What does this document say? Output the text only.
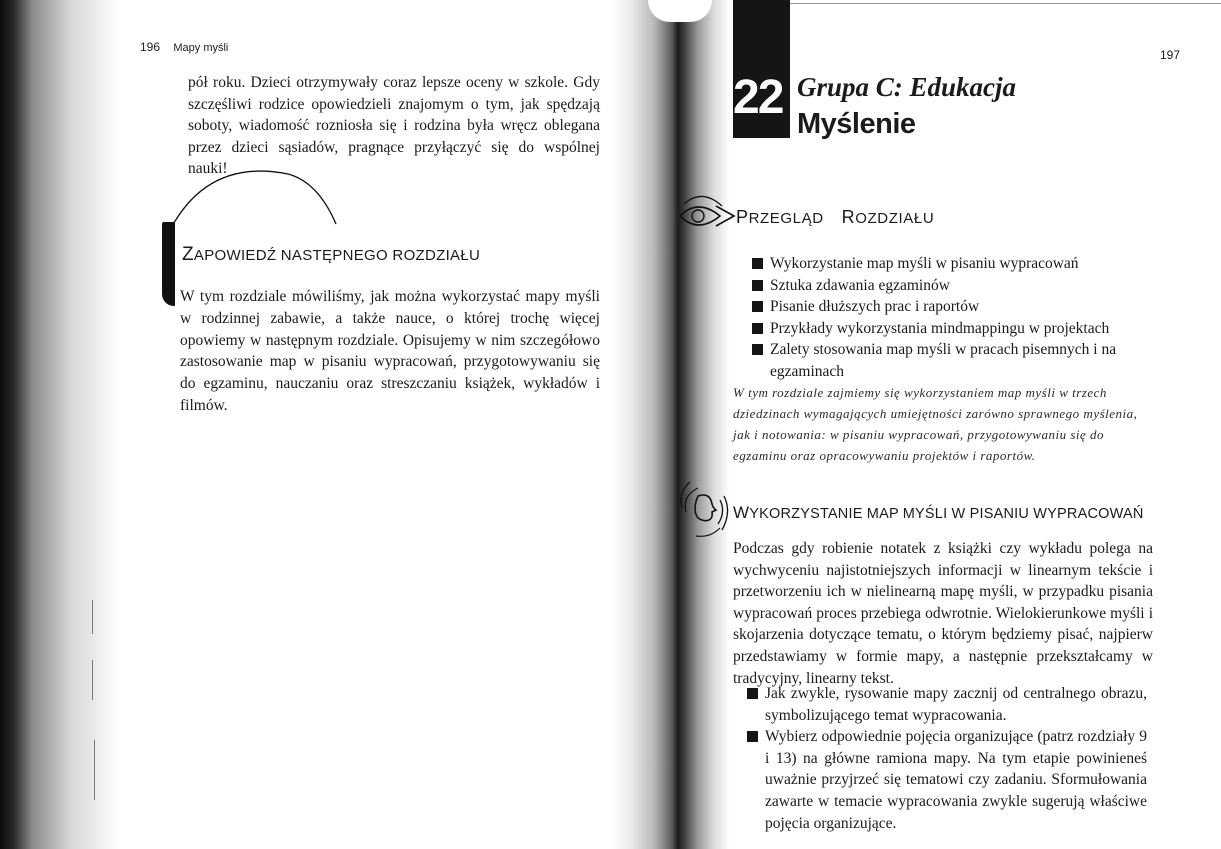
196 Mapy myśli
pół roku. Dzieci otrzymywały coraz lepsze oceny w szkole. Gdy szczęśliwi rodzice opowiedzieli znajomym o tym, jak spędzają soboty, wiadomość rozniosła się i rodzina była wręcz oblegana przez dzieci sąsiadów, pragnące przyłączyć się do wspólnej nauki!
ZAPOWIEDŹ NASTĘPNEGO ROZDZIAŁU
W tym rozdziale mówiliśmy, jak można wykorzystać mapy myśli w rodzinnej zabawie, a także nauce, o której trochę więcej opowiemy w następnym rozdziale. Opisujemy w nim szczegółowo zastosowanie map w pisaniu wypracowań, przygotowywaniu się do egzaminu, nauczaniu oraz streszczaniu książek, wykładów i filmów.
197
22 Grupa C: Edukacja
Myślenie
PRZEGLĄD ROZDZIAŁU
Wykorzystanie map myśli w pisaniu wypracowań
Sztuka zdawania egzaminów
Pisanie dłuższych prac i raportów
Przykłady wykorzystania mindmappingu w projektach
Zalety stosowania map myśli w pracach pisemnych i na egzaminach
W tym rozdziale zajmiemy się wykorzystaniem map myśli w trzech dziedzinach wymagających umiejętności zarówno sprawnego myślenia, jak i notowania: w pisaniu wypracowań, przygotowywaniu się do egzaminu oraz opracowywaniu projektów i raportów.
WYKORZYSTANIE MAP MYŚLI W PISANIU WYPRACOWAŃ
Podczas gdy robienie notatek z książki czy wykładu polega na wychwyceniu najistotniejszych informacji w linearnym tekście i przetworzeniu ich w nielinearną mapę myśli, w przypadku pisania wypracowań proces przebiega odwrotnie. Wielokierunkowe myśli i skojarzenia dotyczące tematu, o którym będziemy pisać, najpierw przedstawiamy w formie mapy, a następnie przekształcamy w tradycyjny, linearny tekst.
Jak zwykle, rysowanie mapy zacznij od centralnego obrazu, symbolizującego temat wypracowania.
Wybierz odpowiednie pojęcia organizujące (patrz rozdziały 9 i 13) na główne ramiona mapy. Na tym etapie powinieneś uważnie przyjrzeć się tematowi czy zadaniu. Sformułowania zawarte w temacie wypracowania zwykle sugerują właściwe pojęcia organizujące.
